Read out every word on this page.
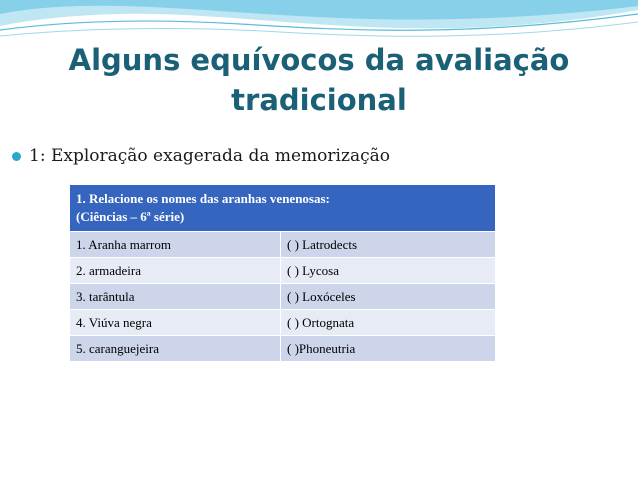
Alguns equívocos da avaliação
tradicional
1: Exploração exagerada da memorização
1. Relacione os nomes das aranhas venenosas:
(Ciências – 6ª série)	

1. Aranha marrom	( ) Latrodects
2. armadeira	( ) Lycosa
3. tarântula	( ) Loxóceles
4. Viúva negra	( ) Ortognata
5. caranguejeira	( )Phoneutria
